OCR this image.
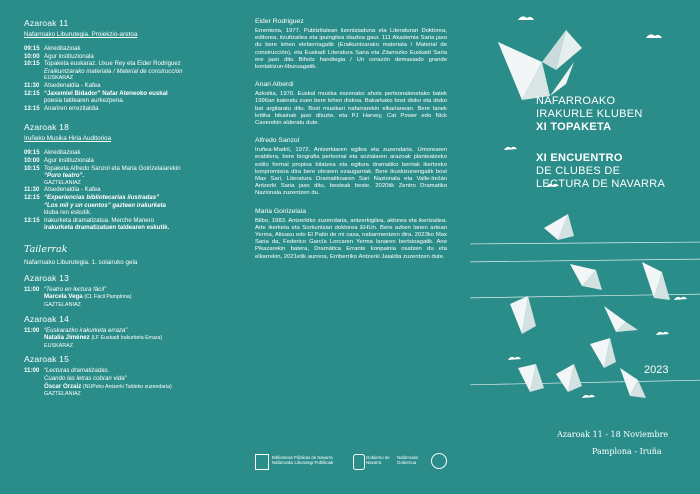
Azaroak 11
Nafarroako Liburutegia. Proiekzio-aretoa
09:15 Akreditazioak
10:00 Agur instituzionala
10:15 Topaketa euskaraz. Uxue Rey eta Eider Rodriguez
Eraikuntzarako materiala / Material de construcción
EUSKARAZ
11:30 Atsedenaldia - Kafea
12:15 “Jaxemiel Bidador” Nafar Ateneoko euskal
poesia taldearen aurkezpena.
13:15 Anariren errezitaldia
Azaroak 18
Iruñeko Musika Hiria Auditorioa
09:15 Akreditazioak
10:00 Agur instituzionala
10:15 Topaketa Alfredo Sanzol eta Maria Goirizelaiarekin
“Puro teatro”.
GAZTELANIAZ
11:30 Atsedenaldia - Kafea
12:15 “Experiencias bibliotecarias ilustradas”
“Los mil y un cuentos” gazteen irakurketa
kluba ren eskutik.
13:15 Irakurketa dramatizatua. Merche Manero
irakurketa dramatizatuen taldearen eskutik.
Tailerrak
Nafarroako Liburutegia. 1. solairuko gela
Azaroak 13
11:00 “Teatro en lectura fácil”
Marcela Vega (CL Fácil Pamplona)
GAZTELANIAZ
Azaroak 14
11:00 “Euskarazko irakurketa erraza”
Natalia Jiménez (LF Euskadi Irakurketa Erraza)
EUSKARAZ
Azaroak 15
11:00 “Lecturas dramatizadas.
Cuando las letras cobran vida”
Óscar Orzaiz (NUPeko Antzerki Taldeko zuzendaria)
GAZTELANIAZ
Eider Rodriguez
Errenteria, 1977. Publizitatean lizentziaduna eta Literaturan Doktorea, editorea, itzultzailea eta ipuingilea idazlea gaur. 111 Akademia Saria jaso du bere lehen eleberriagatik (Eraikuntzarako materiala / Material de construcción), eta Euskadi Literatura Saria eta Zilarrezko Euskadi Saria ere jaso ditu Bihotz handiegia / Un corazón demasiado grande kontakizun-liburuagatik.
Anari Alberdi
Azkoitia, 1970. Euskal musika eszenako ahots pertsonalenetako batek 1996an kaleratu zuen bere lehen diskoa. Bakarkako bost disko eta disko bat argitaratu ditu. Bost musikari nafarrarekin elkarlanean. Bere lanek kritika bikainak jaso dituzte, eta PJ Harvey, Cat Power edo Nick Caverekin alderatu dute.
Alfredo Sanzol
Iruñea-Madril, 1972. Antzerkiaren egilea eta zuzendaria. Umorearen erabilera, bere biografia pertsonal eta sozialaren arazoak planteatzeko estilo formal propioa bilatzea eta egitura dramatiko berriak ikertzeko konpromisoa dira bere obraren ezaugarriak. Bere ikuskizunengatik bost Max Sari, Literatura Dramatikoaren Sari Nazionala eta Valle-Inclán Antzerki Saria jaso ditu, besteak beste. 2020tik Zentro Dramatiko Nazionala zuzentzen du.
Maria Goirizelaia
Bilbo, 1983. Antzerkiko zuzendaria, antzerkigilea, aktorea eta ikertzailea. Arte ikerketa eta Sorkuntzan doktorea EHUn. Bere azken lanen artean Yerma, Altsasu edo El Patio de mi casa, nabarmentzen dira. 2023ko Max Saria da, Federico García Lorcaren Yerma lanaren bertsioagatik. Ane Pikazarekin batera, Dramática Errante konpainia osatzen du eta elkarrekin, 2021etik aurrera, Erriberriko Antzerki Jaialdia zuzentzen dute.
Bibliotecas Públicas de Navarra
Nafarroako Liburutegi Publikoak
Gobierno de Navarra
Nafarroako Gobernua
NAFARROAKO
IRAKURLE KLUBEN
XI TOPAKETA
XI ENCUENTRO
DE CLUBES DE
LECTURA DE NAVARRA
2023
Azaroak 11 - 18 Noviembre
Pamplona - Iruña
